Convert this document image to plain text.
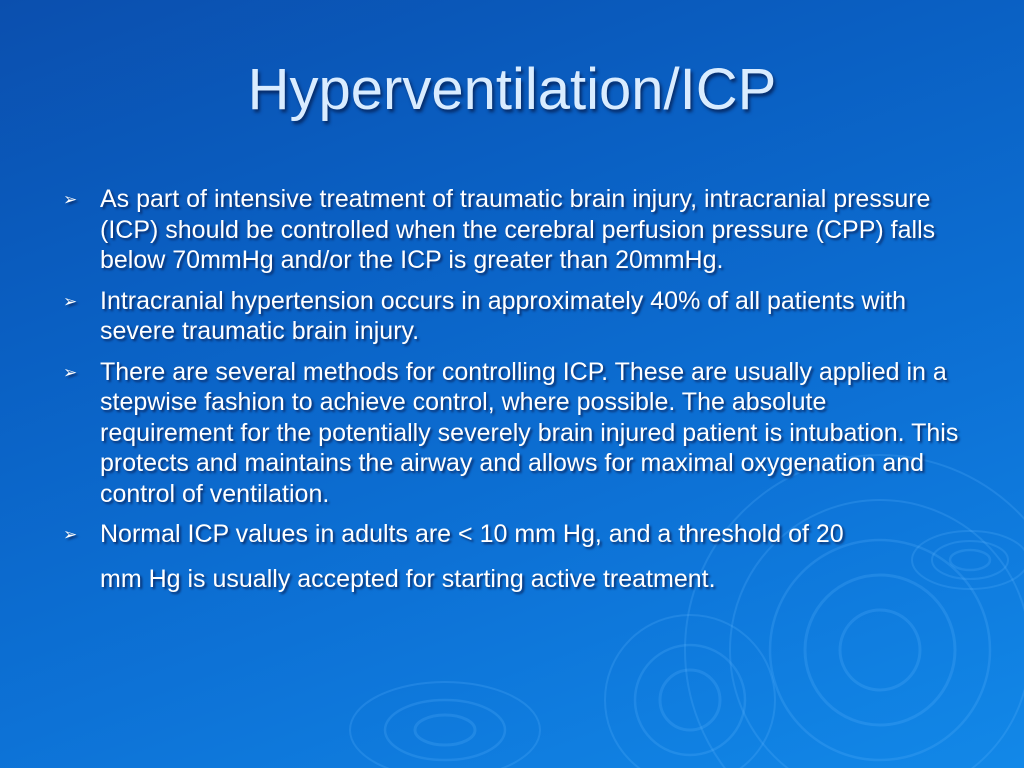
Hyperventilation/ICP
➢ As part of intensive treatment of traumatic brain injury, intracranial pressure (ICP) should be controlled when the cerebral perfusion pressure (CPP) falls below 70mmHg and/or the ICP is greater than 20mmHg.
➢ Intracranial hypertension occurs in approximately 40% of all patients with severe traumatic brain injury.
➢ There are several methods for controlling ICP. These are usually applied in a stepwise fashion to achieve control, where possible. The absolute requirement for the potentially severely brain injured patient is intubation. This protects and maintains the airway and allows for maximal oxygenation and control of ventilation.
➢ Normal ICP values in adults are < 10 mm Hg, and a threshold of 20
mm Hg is usually accepted for starting active treatment.
